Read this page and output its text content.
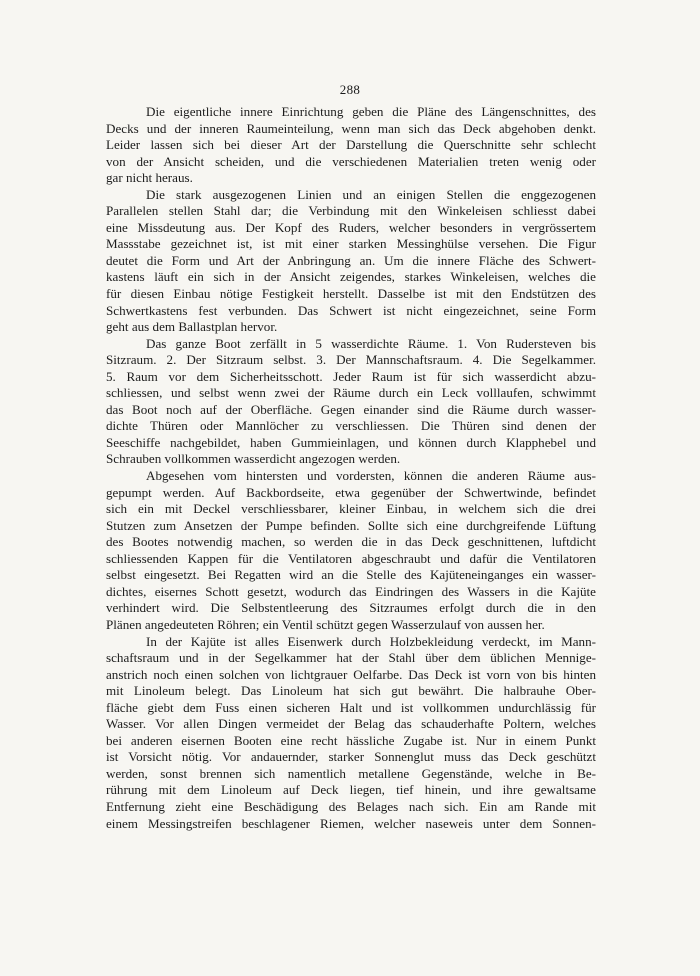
288
Die eigentliche innere Einrichtung geben die Pläne des Längenschnittes, des
Decks und der inneren Raumeinteilung, wenn man sich das Deck abgehoben denkt.
Leider lassen sich bei dieser Art der Darstellung die Querschnitte sehr schlecht
von der Ansicht scheiden, und die verschiedenen Materialien treten wenig oder
gar nicht heraus.
Die stark ausgezogenen Linien und an einigen Stellen die enggezogenen
Parallelen stellen Stahl dar; die Verbindung mit den Winkeleisen schliesst dabei
eine Missdeutung aus. Der Kopf des Ruders, welcher besonders in vergrössertem
Massstabe gezeichnet ist, ist mit einer starken Messinghülse versehen. Die Figur
deutet die Form und Art der Anbringung an. Um die innere Fläche des Schwert-
kastens läuft ein sich in der Ansicht zeigendes, starkes Winkeleisen, welches die
für diesen Einbau nötige Festigkeit herstellt. Dasselbe ist mit den Endstützen des
Schwertkastens fest verbunden. Das Schwert ist nicht eingezeichnet, seine Form
geht aus dem Ballastplan hervor.
Das ganze Boot zerfällt in 5 wasserdichte Räume. 1. Von Rudersteven bis
Sitzraum. 2. Der Sitzraum selbst. 3. Der Mannschaftsraum. 4. Die Segelkammer.
5. Raum vor dem Sicherheitsschott. Jeder Raum ist für sich wasserdicht abzu-
schliessen, und selbst wenn zwei der Räume durch ein Leck volllaufen, schwimmt
das Boot noch auf der Oberfläche. Gegen einander sind die Räume durch wasser-
dichte Thüren oder Mannlöcher zu verschliessen. Die Thüren sind denen der
Seeschiffe nachgebildet, haben Gummieinlagen, und können durch Klapphebel und
Schrauben vollkommen wasserdicht angezogen werden.
Abgesehen vom hintersten und vordersten, können die anderen Räume aus-
gepumpt werden. Auf Backbordseite, etwa gegenüber der Schwertwinde, befindet
sich ein mit Deckel verschliessbarer, kleiner Einbau, in welchem sich die drei
Stutzen zum Ansetzen der Pumpe befinden. Sollte sich eine durchgreifende Lüftung
des Bootes notwendig machen, so werden die in das Deck geschnittenen, luftdicht
schliessenden Kappen für die Ventilatoren abgeschraubt und dafür die Ventilatoren
selbst eingesetzt. Bei Regatten wird an die Stelle des Kajüteneinganges ein wasser-
dichtes, eisernes Schott gesetzt, wodurch das Eindringen des Wassers in die Kajüte
verhindert wird. Die Selbstentleerung des Sitzraumes erfolgt durch die in den
Plänen angedeuteten Röhren; ein Ventil schützt gegen Wasserzulauf von aussen her.
In der Kajüte ist alles Eisenwerk durch Holzbekleidung verdeckt, im Mann-
schaftsraum und in der Segelkammer hat der Stahl über dem üblichen Mennige-
anstrich noch einen solchen von lichtgrauer Oelfarbe. Das Deck ist vorn von bis hinten
mit Linoleum belegt. Das Linoleum hat sich gut bewährt. Die halbrauhe Ober-
fläche giebt dem Fuss einen sicheren Halt und ist vollkommen undurchlässig für
Wasser. Vor allen Dingen vermeidet der Belag das schauderhafte Poltern, welches
bei anderen eisernen Booten eine recht hässliche Zugabe ist. Nur in einem Punkt
ist Vorsicht nötig. Vor andauernder, starker Sonnenglut muss das Deck geschützt
werden, sonst brennen sich namentlich metallene Gegenstände, welche in Be-
rührung mit dem Linoleum auf Deck liegen, tief hinein, und ihre gewaltsame
Entfernung zieht eine Beschädigung des Belages nach sich. Ein am Rande mit
einem Messingstreifen beschlagener Riemen, welcher naseweis unter dem Sonnen-
